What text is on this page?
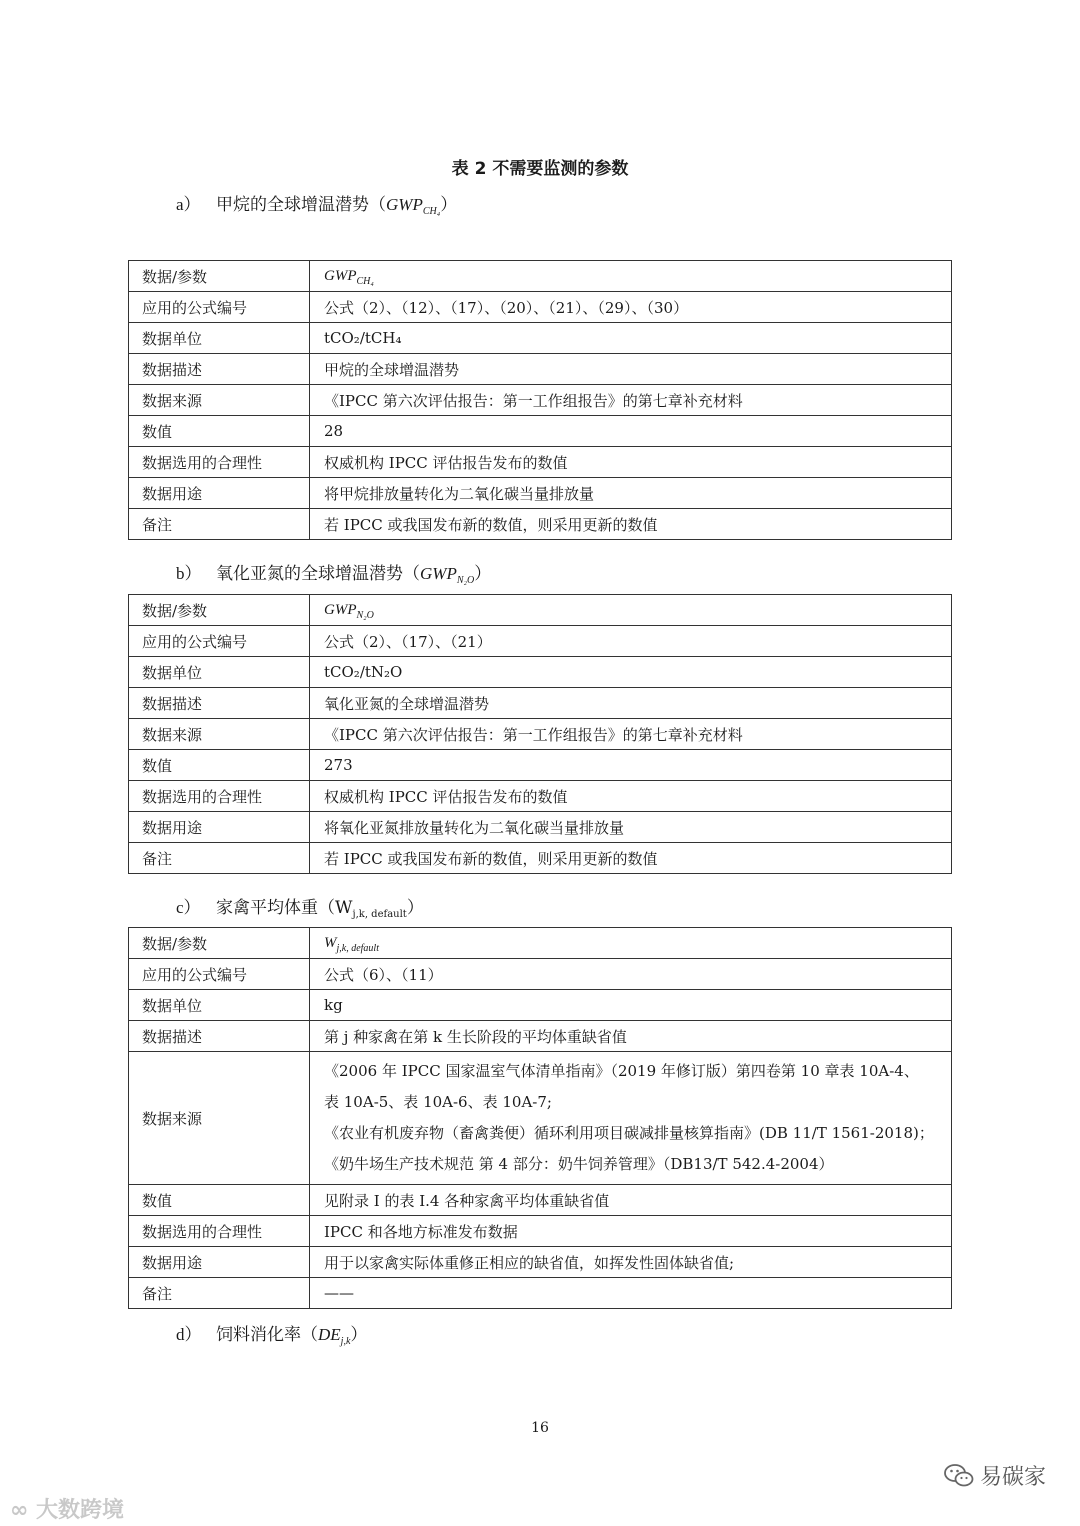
表 2 不需要监测的参数
a） 甲烷的全球增温潜势$(GWP_{CH_4})$
数据/参数	$GWP_{CH_4}$
应用的公式编号	公式（2）、（12）、（17）、（20）、（21）、（29）、（30）
数据单位	tCO₂/tCH₄
数据描述	甲烷的全球增温潜势
数据来源	《IPCC 第六次评估报告：第一工作组报告》的第七章补充材料
数值	28
数据选用的合理性	权威机构 IPCC 评估报告发布的数值
数据用途	将甲烷排放量转化为二氧化碳当量排放量
备注	若 IPCC 或我国发布新的数值，则采用更新的数值
b） 氧化亚氮的全球增温潜势$(GWP_{N_2O})$
数据/参数	$GWP_{N_2O}$
应用的公式编号	公式（2）、（17）、（21）
数据单位	tCO₂/tN₂O
数据描述	氧化亚氮的全球增温潜势
数据来源	《IPCC 第六次评估报告：第一工作组报告》的第七章补充材料
数值	273
数据选用的合理性	权威机构 IPCC 评估报告发布的数值
数据用途	将氧化亚氮排放量转化为二氧化碳当量排放量
备注	若 IPCC 或我国发布新的数值，则采用更新的数值
c） 家禽平均体重$(W_{j,k, default})$
数据/参数	$W_{j,k, default}$
应用的公式编号	公式（6）、（11）
数据单位	kg
数据描述	第 j 种家禽在第 k 生长阶段的平均体重缺省值
数据来源	《2006 年 IPCC 国家温室气体清单指南》（2019 年修订版）第四卷第 10 章表 10A-4、
表 10A-5、表 10A-6、表 10A-7;
《农业有机废弃物（畜禽粪便）循环利用项目碳减排量核算指南》(DB 11/T 1561-2018)；
《奶牛场生产技术规范 第 4 部分：奶牛饲养管理》（DB13/T 542.4-2004）

数值	见附录 I 的表 I.4 各种家禽平均体重缺省值
数据选用的合理性	IPCC 和各地方标准发布数据
数据用途	用于以家禽实际体重修正相应的缺省值，如挥发性固体缺省值;
备注	——
d） 饲料消化率$(DE_{j,k})$
16
∞ 大数跨境
易碳家
